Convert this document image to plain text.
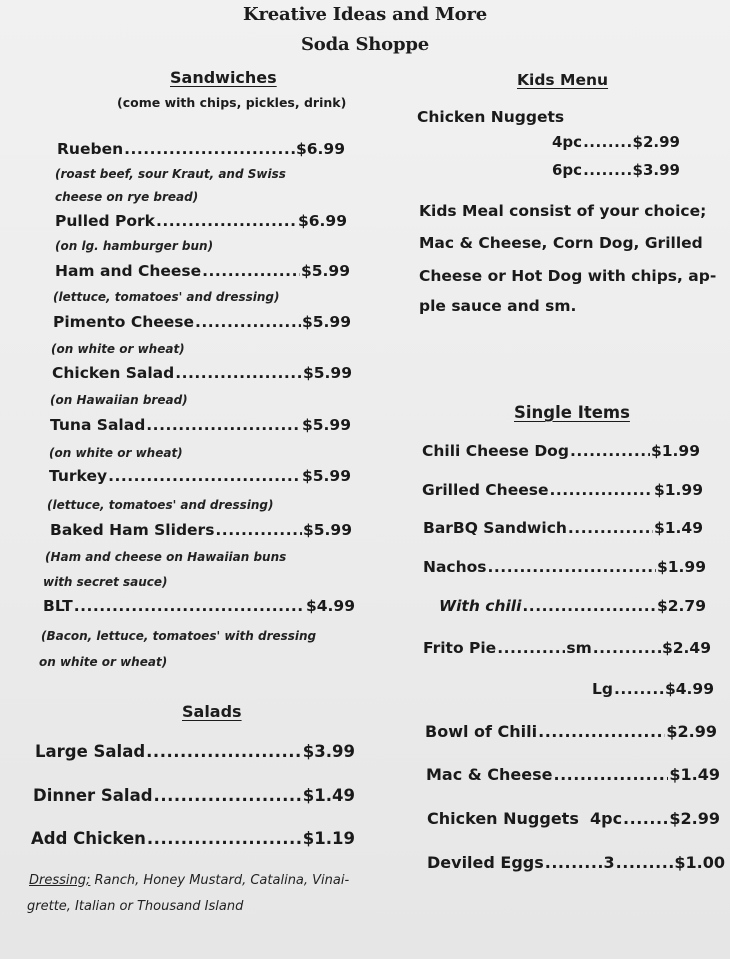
Kreative Ideas and More
Soda Shoppe
Sandwiches
(come with chips, pickles, drink)
Rueben .....	$6.99
(roast beef, sour Kraut, and Swiss
cheese on rye bread)
Pulled Pork .....	$6.99
(on lg. hamburger bun)
Ham and Cheese .....	$5.99
(lettuce, tomatoes' and dressing)
Pimento Cheese .....	$5.99
(on white or wheat)
Chicken Salad .....	$5.99
(on Hawaiian bread)
Tuna Salad .....	$5.99
(on white or wheat)
Turkey .....	$5.99
(lettuce, tomatoes' and dressing)
Baked Ham Sliders .....	$5.99
(Ham and cheese on Hawaiian buns
with secret sauce)
BLT .....	$4.99
(Bacon, lettuce, tomatoes' with dressing
on white or wheat)
Salads
Large Salad .....	$3.99
Dinner Salad .....	$1.49
Add Chicken .....	$1.19
Dressing; Ranch, Honey Mustard, Catalina, Vinai-
grette, Italian or Thousand Island
Kids Menu
Chicken Nuggets
4pc .....	$2.99
6pc .....	$3.99
Kids Meal consist of your choice;
Mac & Cheese, Corn Dog, Grilled
Cheese or Hot Dog with chips, ap-
ple sauce and sm.
Single Items
Chili Cheese Dog .....	$1.99
Grilled Cheese .....	$1.99
BarBQ Sandwich .....	$1.49
Nachos .....	$1.99
With chili .....	$2.79
Frito Pie .....	sm .....	$2.49
Lg .....	$4.99
Bowl of Chili .....	$2.99
Mac & Cheese .....	$1.49
Chicken Nuggets  4pc .....	$2.99
Deviled Eggs .....	3 .....	$1.00
